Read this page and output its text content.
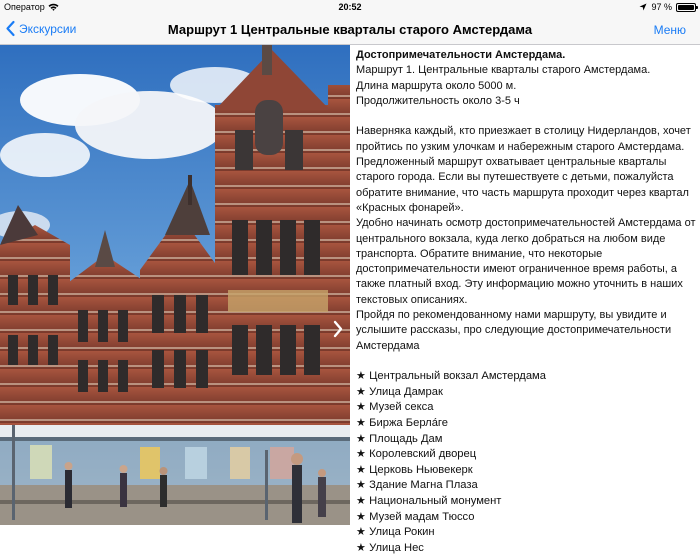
Оператор	20:52	97 %
Экскурсии	Маршрут 1 Центральные кварталы старого Амстердама	Меню

Достопримечательности Амстердама.

Маршрут 1. Центральные кварталы старого Амстердама.

Длина маршрута около 5000 м.

Продолжительность около 3-5 ч

Наверняка каждый, кто приезжает в столицу Нидерландов, хочет пройтись по узким улочкам и набережным старого Амстердама. Предложенный маршрут охватывает центральные кварталы старого города. Если вы путешествуете с детьми, пожалуйста обратите внимание, что часть маршрута проходит через квартал «Красных фонарей».

Удобно начинать осмотр достопримечательностей Амстердама от центрального вокзала, куда легко добраться на любом виде транспорта. Обратите внимание, что некоторые достопримечательности имеют ограниченное время работы, а также платный вход. Эту информацию можно уточнить в наших текстовых описаниях.

Пройдя по рекомендованному нами маршруту, вы увидите и услышите рассказы, про следующие достопримечательности Амстердама

★ Центральный вокзал Амстердама
★ Улица Дамрак
★ Музей секса
★ Биржа Берла́ге
★ Площадь Дам
★ Королевский дворец
★ Церковь Ньювекерк
★ Здание Магна Плаза
★ Национальный монумент
★ Музей мадам Тюссо
★ Улица Рокин
★ Улица Нес
